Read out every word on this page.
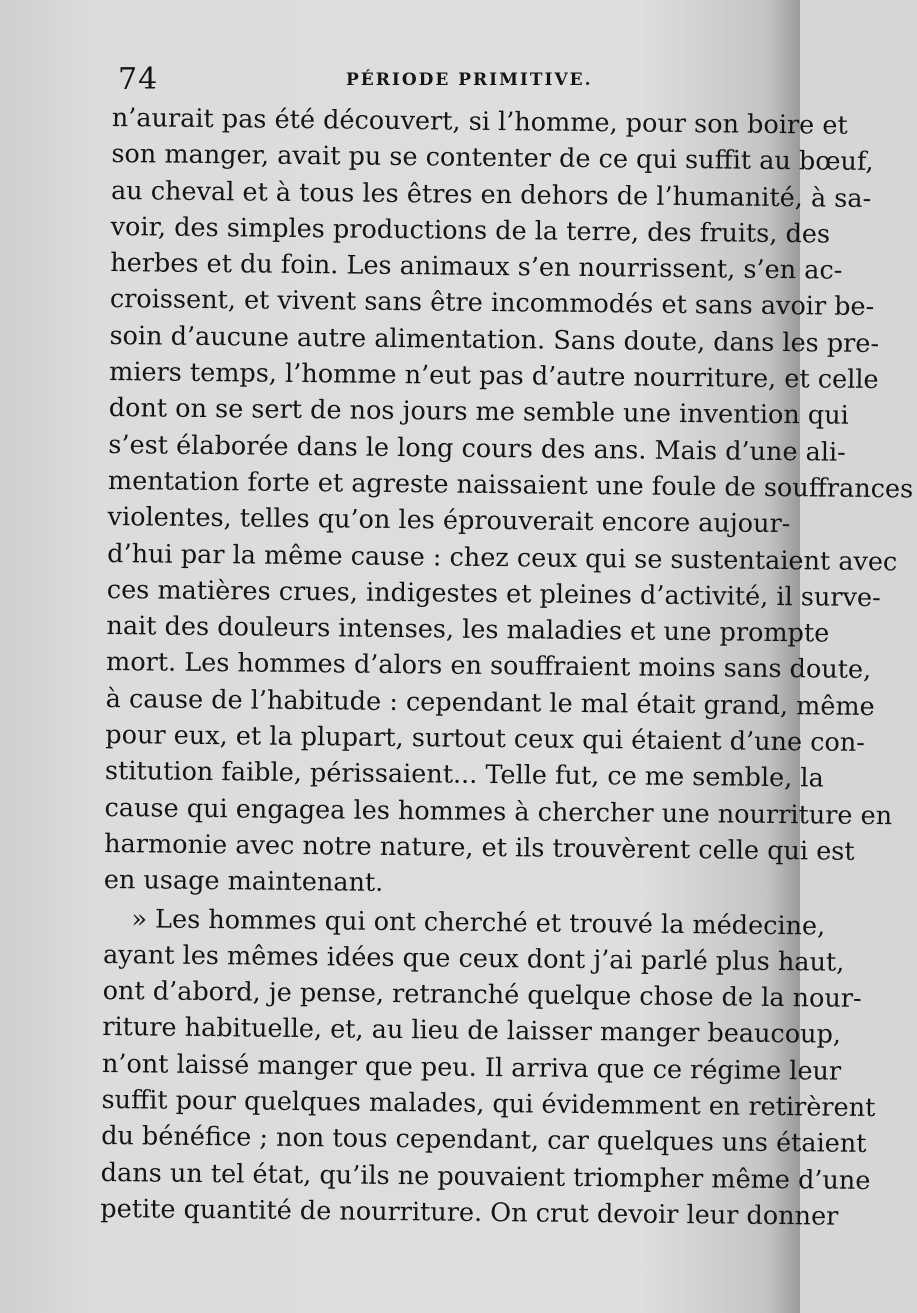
74	PÉRIODE PRIMITIVE.
n’aurait pas été découvert, si l’homme, pour son boire et
son manger, avait pu se contenter de ce qui suffit au bœuf,
au cheval et à tous les êtres en dehors de l’humanité, à sa-
voir, des simples productions de la terre, des fruits, des
herbes et du foin. Les animaux s’en nourrissent, s’en ac-
croissent, et vivent sans être incommodés et sans avoir be-
soin d’aucune autre alimentation. Sans doute, dans les pre-
miers temps, l’homme n’eut pas d’autre nourriture, et celle
dont on se sert de nos jours me semble une invention qui
s’est élaborée dans le long cours des ans. Mais d’une ali-
mentation forte et agreste naissaient une foule de souffrances
violentes, telles qu’on les éprouverait encore aujour-
d’hui par la même cause : chez ceux qui se sustentaient avec
ces matières crues, indigestes et pleines d’activité, il surve-
nait des douleurs intenses, les maladies et une prompte
mort. Les hommes d’alors en souffraient moins sans doute,
à cause de l’habitude : cependant le mal était grand, même
pour eux, et la plupart, surtout ceux qui étaient d’une con-
stitution faible, périssaient... Telle fut, ce me semble, la
cause qui engagea les hommes à chercher une nourriture en
harmonie avec notre nature, et ils trouvèrent celle qui est
en usage maintenant.
» Les hommes qui ont cherché et trouvé la médecine,
ayant les mêmes idées que ceux dont j’ai parlé plus haut,
ont d’abord, je pense, retranché quelque chose de la nour-
riture habituelle, et, au lieu de laisser manger beaucoup,
n’ont laissé manger que peu. Il arriva que ce régime leur
suffit pour quelques malades, qui évidemment en retirèrent
du bénéfice ; non tous cependant, car quelques uns étaient
dans un tel état, qu’ils ne pouvaient triompher même d’une
petite quantité de nourriture. On crut devoir leur donner
